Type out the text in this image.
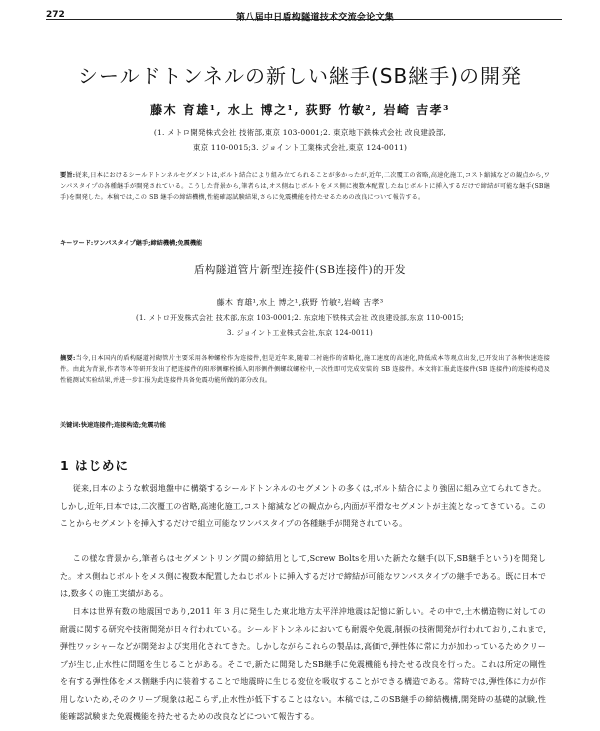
272	第八届中日盾构隧道技术交流会论文集
シールドトンネルの新しい継手(SB継手)の開発
藤木 育雄¹, 水上 博之¹, 荻野 竹敏², 岩崎 吉孝³
(1. メトロ開発株式会社 技術部,東京 103-0001;2. 東京地下鉄株式会社 改良建設部,
東京 110-0015;3. ジョイント工業株式会社,東京 124-0011)
要旨:従来,日本におけるシールドトンネルセグメントは,ボルト結合により組み立てられることが多かったが,近年,二次覆工の省略,高速化施工,コスト縮減などの観点から,ワンパスタイプの各種継手が開発されている。こうした背景から,筆者らは,オス側ねじボルトをメス側に複数本配置したねじボルトに挿入するだけで締結が可能な継手(SB継手)を開発した。本稿では,この SB 継手の締結機構,性能確認試験結果,さらに免震機能を持たせるための改良について報告する。
キーワード:ワンパスタイプ継手;締結機構;免震機能
盾构隧道管片新型连接件(SB连接件)的开发
藤木 育雄¹,水上 博之¹,荻野 竹敏²,岩崎 吉孝³
(1. メトロ开发株式会社 技术部,东京 103-0001;2. 东京地下铁株式会社 改良建设部,东京 110-0015;
3. ジョイント工业株式会社,东京 124-0011)
摘要:当今,日本国内的盾构隧道衬砌管片主要采用各种螺栓作为连接件,但是近年来,随着二衬施作的省略化,施工速度的高速化,降低成本等观点出发,已开发出了各种快速连接件。由此为背景,作者等本等研开发出了把连接件的阳形侧螺栓插入阴形侧件侧螺纹螺栓中,一次性即可完成安装的 SB 连接件。本文将汇报此连接件(SB 连接件)的连接构造及性能测试实验结果,并进一步汇报为此连接件具备免震功能所做的部分改良。
关键词:快速连接件;连接构造;免震功能
1 はじめに
従来,日本のような軟弱地盤中に構築するシールドトンネルのセグメントの多くは,ボルト結合により強固に組み立てられてきた。しかし,近年,日本では,二次覆工の省略,高速化施工,コスト縮減などの観点から,内面が平滑なセグメントが主流となってきている。このことからセグメントを挿入するだけで組立可能なワンパスタイプの各種継手が開発されている。
この様な背景から,筆者らはセグメントリング間の締結用として,Screw Boltsを用いた新たな継手(以下,SB継手という)を開発した。オス側ねじボルトをメス側に複数本配置したねじボルトに挿入するだけで締結が可能なワンパスタイプの継手である。既に日本では,数多くの施工実績がある。
日本は世界有数の地震国であり,2011 年 3 月に発生した東北地方太平洋沖地震は記憶に新しい。その中で,土木構造物に対しての耐震に関する研究や技術開発が日々行われている。シールドトンネルにおいても耐震や免震,制振の技術開発が行われており,これまで,弾性ワッシャーなどが開発および実用化されてきた。しかしながらこれらの製品は,高価で,弾性体に常に力が加わっているためクリープが生じ,止水性に問題を生じることがある。そこで,新たに開発したSB継手に免震機能も持たせる改良を行った。これは所定の剛性を有する弾性体をメス側継手内に装着することで地震時に生じる変位を吸収することができる構造である。常時では,弾性体に力が作用しないため,そのクリープ現象は起こらず,止水性が低下することはない。本稿では,このSB継手の締結機構,開発時の基礎的試験,性能確認試験また免震機能を持たせるための改良などについて報告する。
